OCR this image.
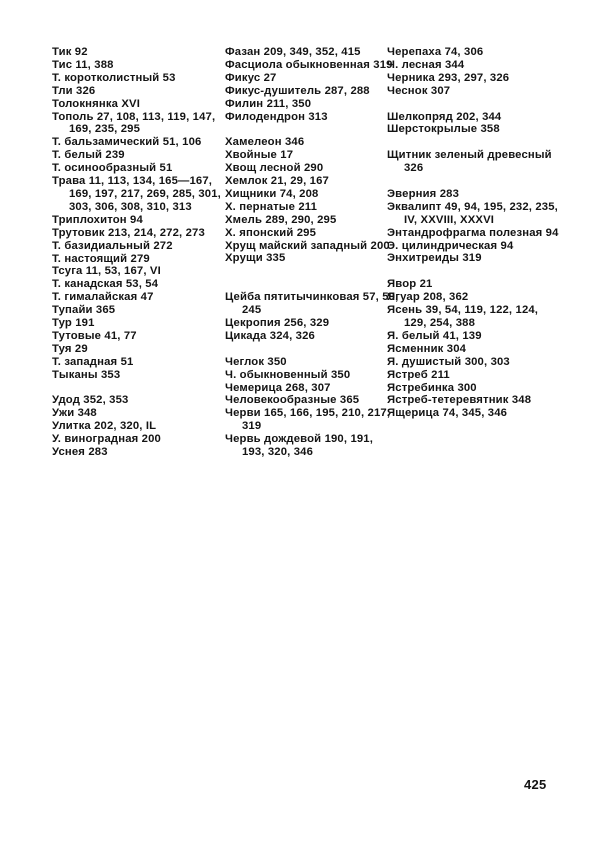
Тик 92
Тис 11, 388
Т. коротколистный 53
Тли 326
Толокнянка XVI
Тополь 27, 108, 113, 119, 147,
169, 235, 295
Т. бальзамический 51, 106
Т. белый 239
Т. осинообразный 51
Трава 11, 113, 134, 165—167,
169, 197, 217, 269, 285, 301,
303, 306, 308, 310, 313
Триплохитон 94
Трутовик 213, 214, 272, 273
Т. базидиальный 272
Т. настоящий 279
Тсуга 11, 53, 167, VI
Т. канадская 53, 54
Т. гималайская 47
Тупайи 365
Тур 191
Тутовые 41, 77
Туя 29
Т. западная 51
Тыканы 353
Удод 352, 353
Ужи 348
Улитка 202, 320, IL
У. виноградная 200
Уснея 283
Фазан 209, 349, 352, 415
Фасциола обыкновенная 319
Фикус 27
Фикус-душитель 287, 288
Филин 211, 350
Филодендрон 313
Хамелеон 346
Хвойные 17
Хвощ лесной 290
Хемлок 21, 29, 167
Хищники 74, 208
Х. пернатые 211
Хмель 289, 290, 295
Х. японский 295
Хрущ майский западный 200
Хрущи 335
Цейба пятитычинковая 57, 59,
245
Цекропия 256, 329
Цикада 324, 326
Чеглок 350
Ч. обыкновенный 350
Чемерица 268, 307
Человекообразные 365
Черви 165, 166, 195, 210, 217,
319
Червь дождевой 190, 191,
193, 320, 346
Черепаха 74, 306
Ч. лесная 344
Черника 293, 297, 326
Чеснок 307
Шелкопряд 202, 344
Шерстокрылые 358
Щитник зеленый древесный
326
Эверния 283
Эквалипт 49, 94, 195, 232, 235,
IV, XXVIII, XXXVI
Энтандрофрагма полезная 94
Э. цилиндрическая 94
Энхитреиды 319
Явор 21
Ягуар 208, 362
Ясень 39, 54, 119, 122, 124,
129, 254, 388
Я. белый 41, 139
Ясменник 304
Я. душистый 300, 303
Ястреб 211
Ястребинка 300
Ястреб-тетеревятник 348
Ящерица 74, 345, 346
425
